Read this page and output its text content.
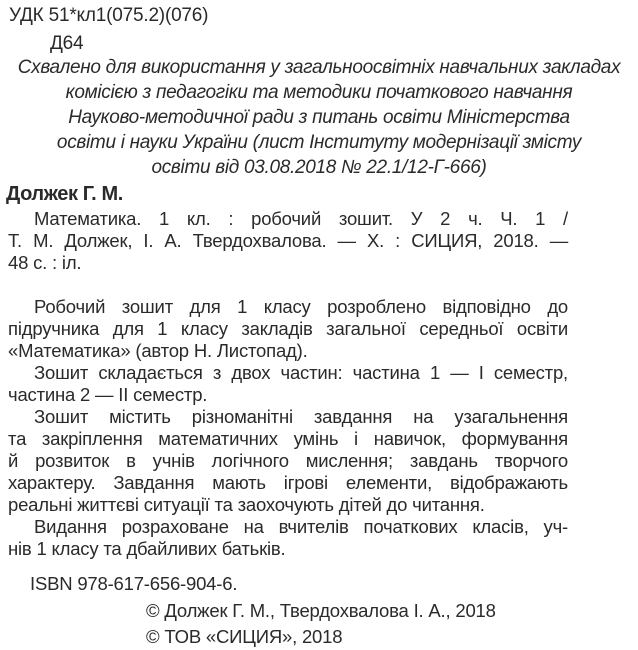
УДК 51*кл1(075.2)(076)
Д64
Схвалено для використання у загальноосвітніх навчальних закладах
комісією з педагогіки та методики початкового навчання
Науково-методичної ради з питань освіти Міністерства
освіти і науки України (лист Інституту модернізації змісту
освіти від 03.08.2018 № 22.1/12-Г-666)
Должек Г. М.
Математика. 1 кл. : робочий зошит. У 2 ч. Ч. 1 /
Т. М. Должек, І. А. Твердохвалова. — Х. : СИЦИЯ, 2018. —
48 с. : іл.
Робочий зошит для 1 класу розроблено відповідно до
підручника для 1 класу закладів загальної середньої освіти
«Математика» (автор Н. Листопад).
Зошит складається з двох частин: частина 1 — І семестр,
частина 2 — ІІ семестр.
Зошит містить різноманітні завдання на узагальнення
та закріплення математичних умінь і навичок, формування
й розвиток в учнів логічного мислення; завдань творчого
характеру. Завдання мають ігрові елементи, відображають
реальні життєві ситуації та заохочують дітей до читання.
Видання розраховане на вчителів початкових класів, уч-
нів 1 класу та дбайливих батьків.
ISBN 978-617-656-904-6.
© Должек Г. М., Твердохвалова І. А., 2018
© ТОВ «СИЦИЯ», 2018
